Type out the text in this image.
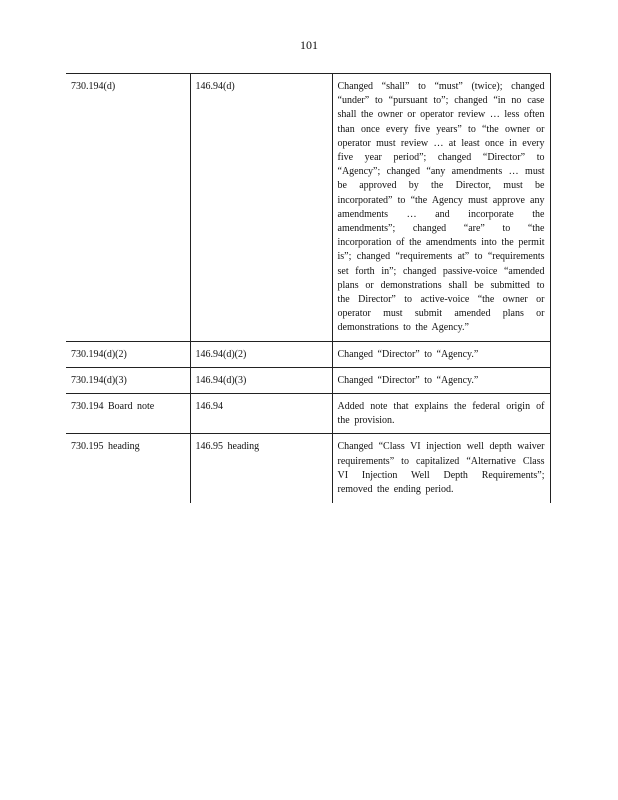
101
730.194(d)	146.94(d)	Changed “shall” to “must” (twice); changed “under” to “pursuant to”; changed “in no case shall the owner or operator review … less often than once every five years” to “the owner or operator must review … at least once in every five year period”; changed “Director” to “Agency”; changed “any amendments … must be approved by the Director, must be incorporated” to “the Agency must approve any amendments … and incorporate the amendments”; changed “are” to “the incorporation of the amendments into the permit is”; changed “requirements at” to “requirements set forth in”; changed passive-voice “amended plans or demonstrations shall be submitted to the Director” to active-voice “the owner or operator must submit amended plans or demonstrations to the Agency.”
730.194(d)(2)	146.94(d)(2)	Changed “Director” to “Agency.”
730.194(d)(3)	146.94(d)(3)	Changed “Director” to “Agency.”
730.194 Board note	146.94	Added note that explains the federal origin of the provision.
730.195 heading	146.95 heading	Changed “Class VI injection well depth waiver requirements” to capitalized “Alternative Class VI Injection Well Depth Requirements”; removed the ending period.
